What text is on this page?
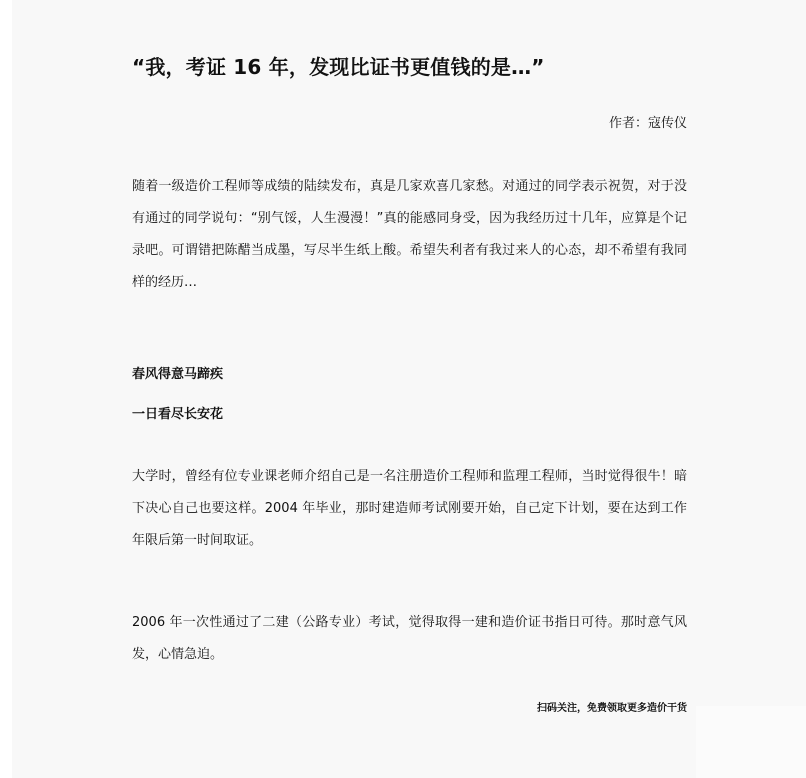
“我，考证 16 年，发现比证书更值钱的是…”
作者：寇传仪

随着一级造价工程师等成绩的陆续发布，真是几家欢喜几家愁。对通过的同学表示祝贺，对于没有通过的同学说句：“别气馁，人生漫漫！”真的能感同身受，因为我经历过十几年，应算是个记录吧。可谓错把陈醋当成墨，写尽半生纸上酸。希望失利者有我过来人的心态，却不希望有我同样的经历…

春风得意马蹄疾
一日看尽长安花

大学时，曾经有位专业课老师介绍自己是一名注册造价工程师和监理工程师，当时觉得很牛！暗下决心自己也要这样。2004 年毕业，那时建造师考试刚要开始，自己定下计划，要在达到工作年限后第一时间取证。

2006 年一次性通过了二建（公路专业）考试，觉得取得一建和造价证书指日可待。那时意气风发，心情急迫。

扫码关注，免费领取更多造价干货
